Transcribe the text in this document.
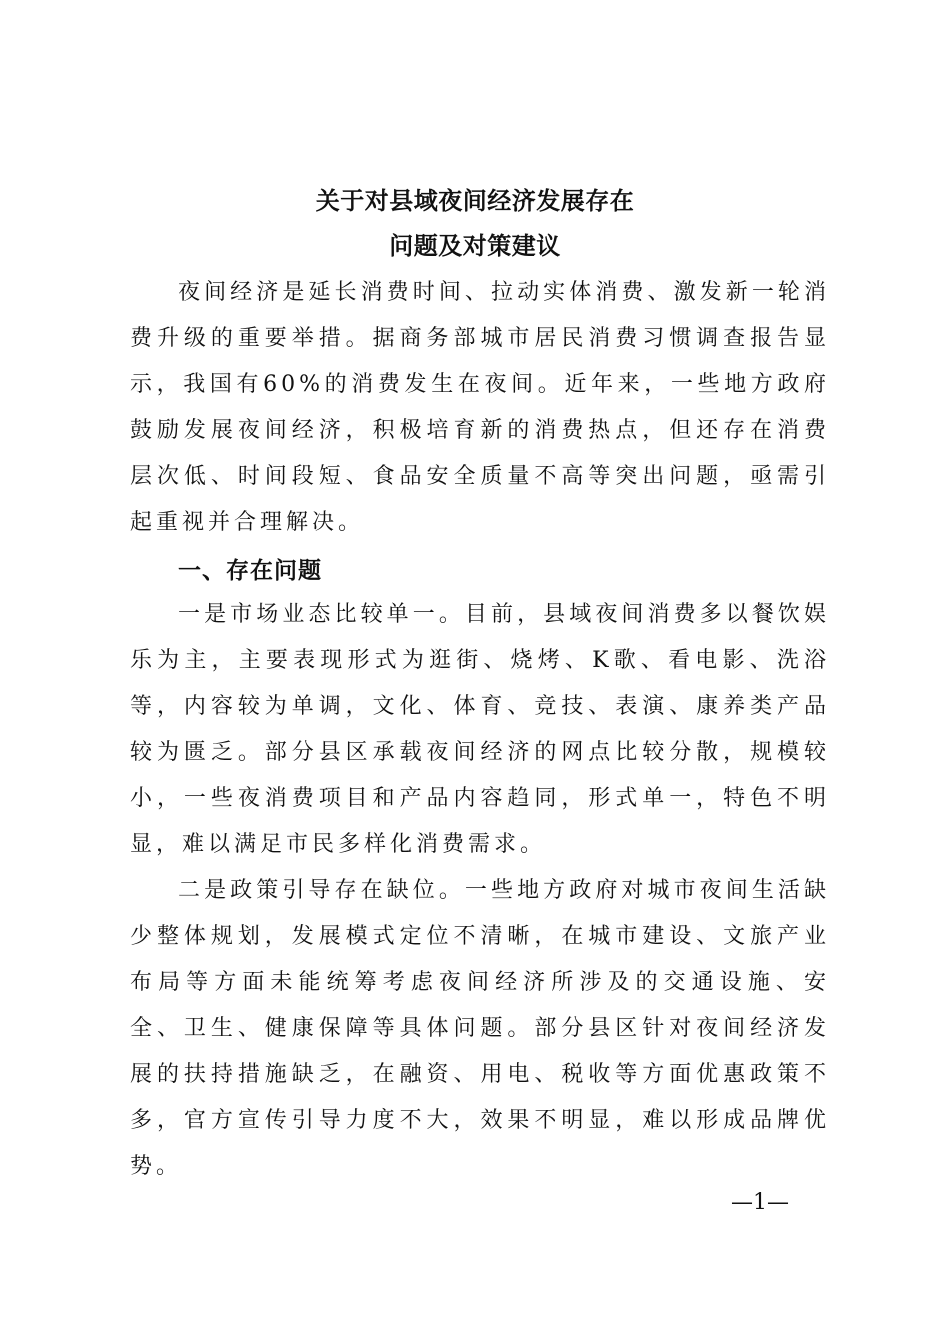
关于对县域夜间经济发展存在
问题及对策建议

夜间经济是延长消费时间、拉动实体消费、激发新一轮消费升级的重要举措。据商务部城市居民消费习惯调查报告显示，我国有60%的消费发生在夜间。近年来，一些地方政府鼓励发展夜间经济，积极培育新的消费热点，但还存在消费层次低、时间段短、食品安全质量不高等突出问题，亟需引起重视并合理解决。

一、存在问题

一是市场业态比较单一。目前，县域夜间消费多以餐饮娱乐为主，主要表现形式为逛街、烧烤、K歌、看电影、洗浴等，内容较为单调，文化、体育、竞技、表演、康养类产品较为匮乏。部分县区承载夜间经济的网点比较分散，规模较小，一些夜消费项目和产品内容趋同，形式单一，特色不明显，难以满足市民多样化消费需求。

二是政策引导存在缺位。一些地方政府对城市夜间生活缺少整体规划，发展模式定位不清晰，在城市建设、文旅产业布局等方面未能统筹考虑夜间经济所涉及的交通设施、安全、卫生、健康保障等具体问题。部分县区针对夜间经济发展的扶持措施缺乏，在融资、用电、税收等方面优惠政策不多，官方宣传引导力度不大，效果不明显，难以形成品牌优势。

—1—
